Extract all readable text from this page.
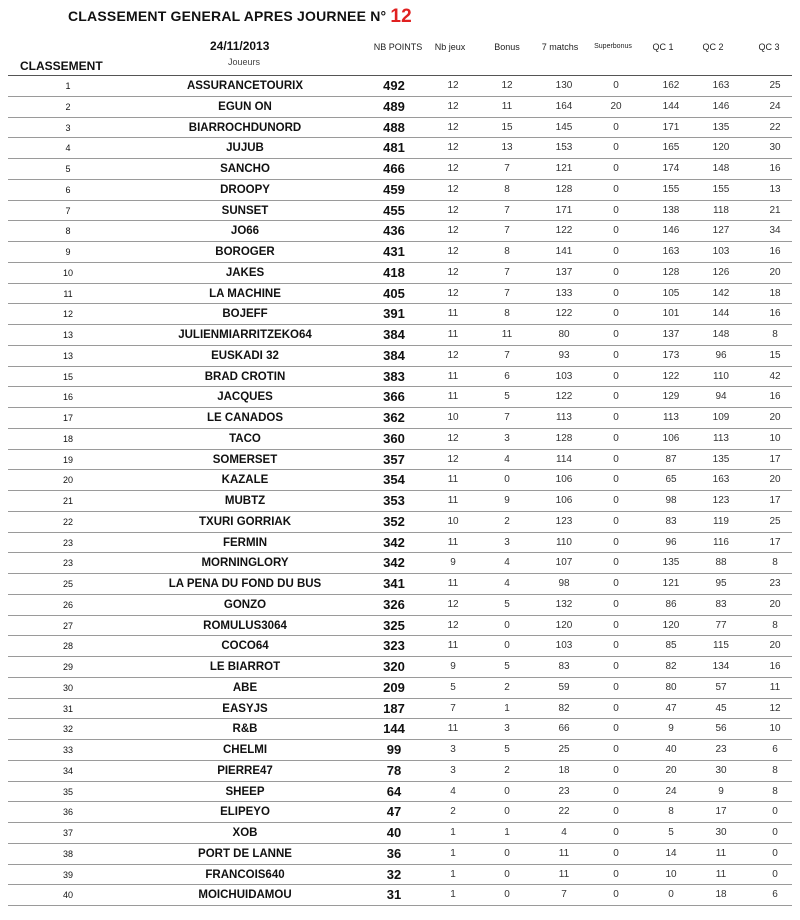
CLASSEMENT GENERAL APRES JOURNEE N° 12
24/11/2013
Joueurs
CLASSEMENT
NB POINTS	Nb jeux	Bonus	7 matchs	Superbonus	QC 1	QC 2	QC 3
1	ASSURANCETOURIX	492	12	12	130	0	162	163	25
2	EGUN ON	489	12	11	164	20	144	146	24
3	BIARROCHDUNORD	488	12	15	145	0	171	135	22
4	JUJUB	481	12	13	153	0	165	120	30
5	SANCHO	466	12	7	121	0	174	148	16
6	DROOPY	459	12	8	128	0	155	155	13
7	SUNSET	455	12	7	171	0	138	118	21
8	JO66	436	12	7	122	0	146	127	34
9	BOROGER	431	12	8	141	0	163	103	16
10	JAKES	418	12	7	137	0	128	126	20
11	LA MACHINE	405	12	7	133	0	105	142	18
12	BOJEFF	391	11	8	122	0	101	144	16
13	JULIENMIARRITZEKO64	384	11	11	80	0	137	148	8
13	EUSKADI 32	384	12	7	93	0	173	96	15
15	BRAD CROTIN	383	11	6	103	0	122	110	42
16	JACQUES	366	11	5	122	0	129	94	16
17	LE CANADOS	362	10	7	113	0	113	109	20
18	TACO	360	12	3	128	0	106	113	10
19	SOMERSET	357	12	4	114	0	87	135	17
20	KAZALE	354	11	0	106	0	65	163	20
21	MUBTZ	353	11	9	106	0	98	123	17
22	TXURI GORRIAK	352	10	2	123	0	83	119	25
23	FERMIN	342	11	3	110	0	96	116	17
23	MORNINGLORY	342	9	4	107	0	135	88	8
25	LA PENA DU FOND DU BUS	341	11	4	98	0	121	95	23
26	GONZO	326	12	5	132	0	86	83	20
27	ROMULUS3064	325	12	0	120	0	120	77	8
28	COCO64	323	11	0	103	0	85	115	20
29	LE BIARROT	320	9	5	83	0	82	134	16
30	ABE	209	5	2	59	0	80	57	11
31	EASYJS	187	7	1	82	0	47	45	12
32	R&B	144	11	3	66	0	9	56	10
33	CHELMI	99	3	5	25	0	40	23	6
34	PIERRE47	78	3	2	18	0	20	30	8
35	SHEEP	64	4	0	23	0	24	9	8
36	ELIPEYO	47	2	0	22	0	8	17	0
37	XOB	40	1	1	4	0	5	30	0
38	PORT DE LANNE	36	1	0	11	0	14	11	0
39	FRANCOIS640	32	1	0	11	0	10	11	0
40	MOICHUIDAMOU	31	1	0	7	0	0	18	6
